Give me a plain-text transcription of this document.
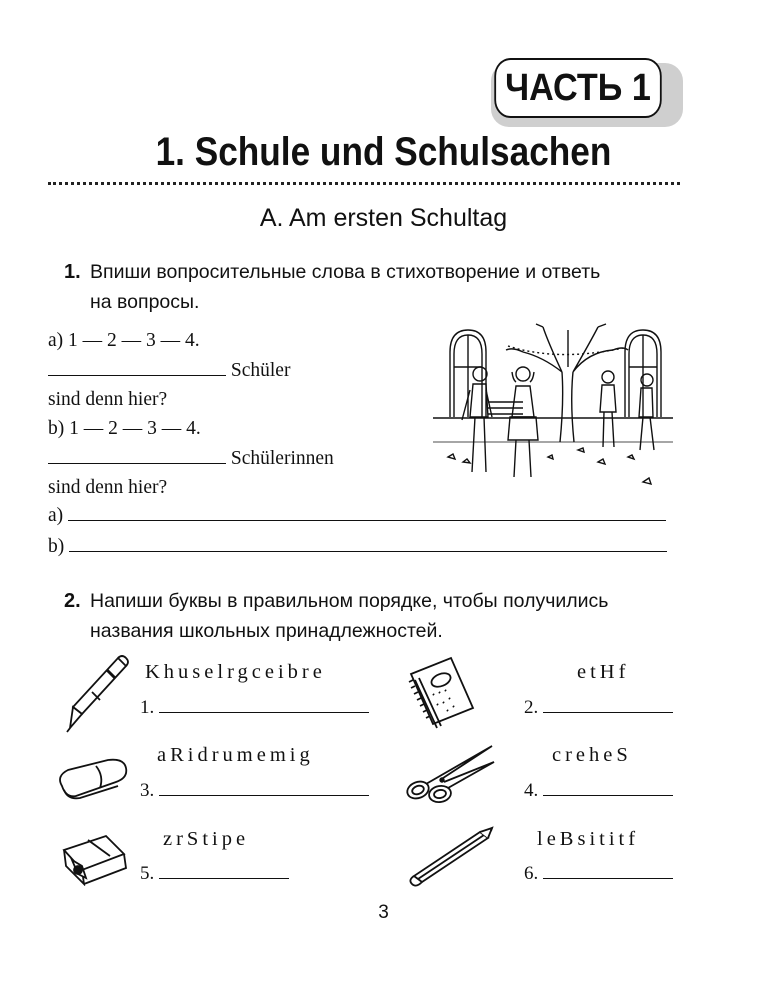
ЧАСТЬ 1
1. Schule und Schulsachen
A. Am ersten Schultag
1. Впиши вопросительные слова в стихотворение и ответь
на вопросы.
a) 1 — 2 — 3 — 4.
Schüler
sind denn hier?
b) 1 — 2 — 3 — 4.
Schülerinnen
sind denn hier?
a)
b)
2. Напиши буквы в правильном порядке, чтобы получились
названия школьных принадлежностей.
Khuselrgceibre
1.
etHf
2.
aRidrumemig
3.
creheS
4.
zrStipe
5.
leBsititf
6.
3
